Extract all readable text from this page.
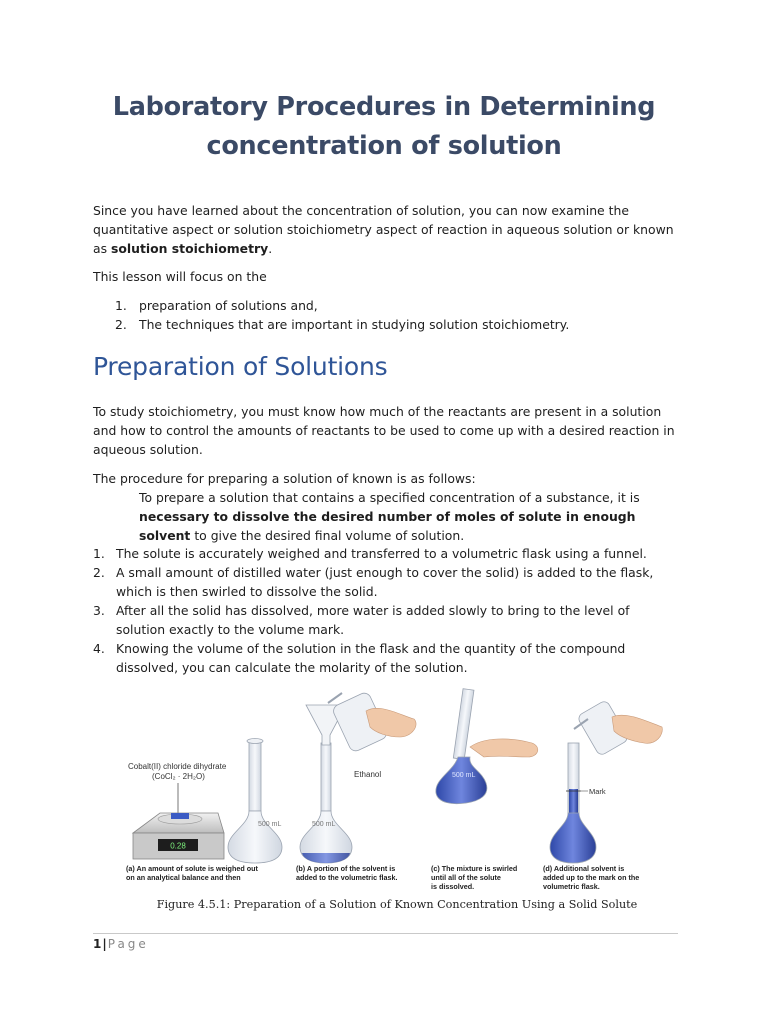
Laboratory Procedures in Determining
concentration of solution

Since you have learned about the concentration of solution, you can now examine the quantitative aspect or solution stoichiometry aspect of reaction in aqueous solution or known as solution stoichiometry.

This lesson will focus on the

1. preparation of solutions and,
2. The techniques that are important in studying solution stoichiometry.
Preparation of Solutions

To study stoichiometry, you must know how much of the reactants are present in a solution and how to control the amounts of reactants to be used to come up with a desired reaction in aqueous solution.

The procedure for preparing a solution of known is as follows:

To prepare a solution that contains a specified concentration of a substance, it is necessary to dissolve the desired number of moles of solute in enough solvent to give the desired final volume of solution.

1. The solute is accurately weighed and transferred to a volumetric flask using a funnel.
2. A small amount of distilled water (just enough to cover the solid) is added to the flask, which is then swirled to dissolve the solid.
3. After all the solid has dissolved, more water is added slowly to bring to the level of solution exactly to the volume mark.
4. Knowing the volume of the solution in the flask and the quantity of the compound dissolved, you can calculate the molarity of the solution.
Cobalt(II) chloride dihydrate
(CoCl₂ · 2H₂O)
0.28
(a) An amount of solute is weighed out
on an analytical balance and then
500 mL	500 mL
Ethanol
(b) A portion of the solvent is
added to the volumetric flask.
500 mL
(c) The mixture is swirled
until all of the solute
is dissolved.
Mark
(d) Additional solvent is
added up to the mark on the
volumetric flask.

Figure 4.5.1: Preparation of a Solution of Known Concentration Using a Solid Solute

1|Page
